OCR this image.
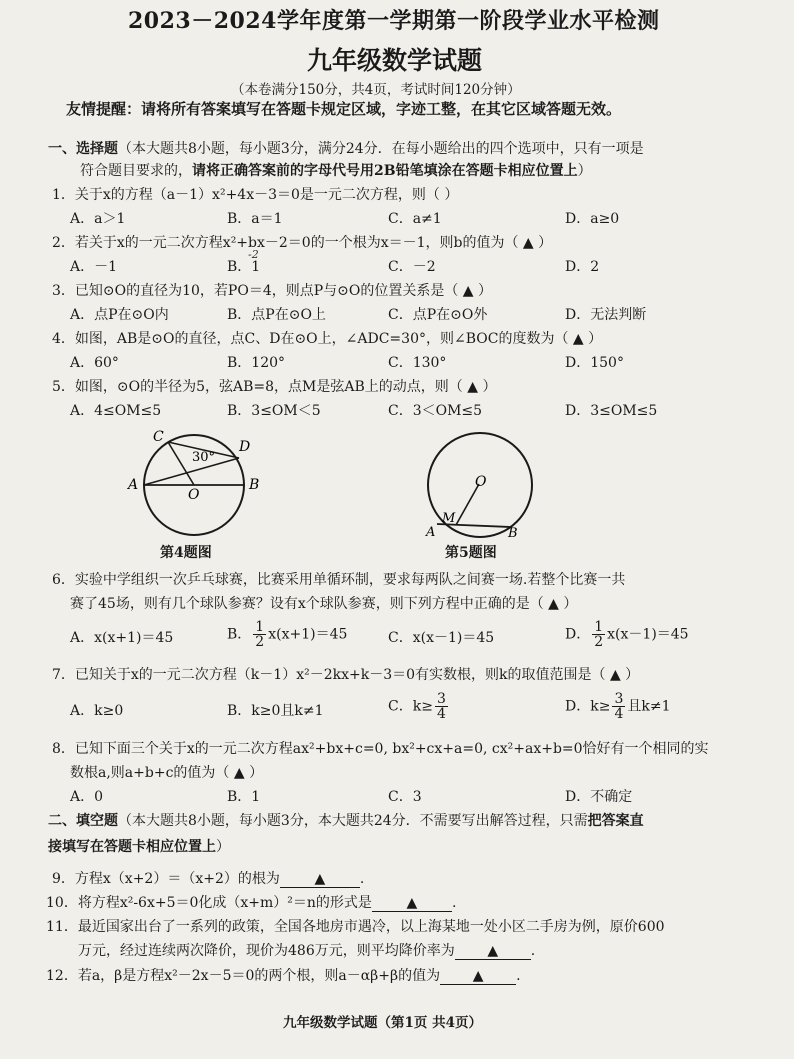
2023－2024学年度第一学期第一阶段学业水平检测
九年级数学试题
（本卷满分150分，共4页，考试时间120分钟）
友情提醒：请将所有答案填写在答题卡规定区域，字迹工整，在其它区域答题无效。
一、选择题（本大题共8小题，每小题3分，满分24分．在每小题给出的四个选项中，只有一项是
符合题目要求的，请将正确答案前的字母代号用2B铅笔填涂在答题卡相应位置上）
1．关于x的方程（a－1）x²+4x－3＝0是一元二次方程，则（ ）
A．a＞1	B．a＝1	C．a≠1	D．a≥0
2．若关于x的一元二次方程x²+bx－2＝0的一个根为x＝－1，则b的值为（ ▲ ）
-2
A．－1	B．1	C．－2	D．2
3．已知⊙O的直径为10，若PO＝4，则点P与⊙O的位置关系是（ ▲ ）
A．点P在⊙O内	B．点P在⊙O上	C．点P在⊙O外	D．无法判断
4．如图，AB是⊙O的直径，点C、D在⊙O上，∠ADC=30°，则∠BOC的度数为（ ▲ ）
A．60°	B．120°	C．130°	D．150°
5．如图，⊙O的半径为5，弦AB=8，点M是弦AB上的动点，则（ ▲ ）
A．4≤OM≤5	B．3≤OM＜5	C．3＜OM≤5	D．3≤OM≤5
C
D
A	B
O
30°
第4题图
O
M
A	B
第5题图
6．实验中学组织一次乒乓球赛，比赛采用单循环制，要求每两队之间赛一场.若整个比赛一共
赛了45场，则有几个球队参赛？设有x个球队参赛，则下列方程中正确的是（ ▲ ）
A．x(x+1)＝45	B． $\frac{1}{2} x(x+1)=45$	C．x(x－1)＝45	D． $\frac{1}{2} x(x-1)=45$
7．已知关于x的一元二次方程（k－1）x²－2kx+k－3＝0有实数根，则k的取值范围是（ ▲ ）
A．k≥0	B．k≥0且k≠1	C．$k\ge \frac{3}{4}$	D．$k\ge \frac{3}{4}$ 且k≠1
8．已知下面三个关于x的一元二次方程ax²+bx+c=0, bx²+cx+a=0, cx²+ax+b=0恰好有一个相同的实
数根a,则a+b+c的值为（ ▲ ）
A．0	B．1	C．3	D．不确定
二、填空题（本大题共8小题，每小题3分，本大题共24分．不需要写出解答过程，只需把答案直
接填写在答题卡相应位置上）
9．方程x（x+2）＝（x+2）的根为 ▲ .
10．将方程x²-6x+5＝0化成（x+m）²＝n的形式是 ▲ .
11．最近国家出台了一系列的政策，全国各地房市遇冷，以上海某地一处小区二手房为例，原价600
万元，经过连续两次降价，现价为486万元，则平均降价率为 ▲ .
12．若a，β是方程x²－2x－5＝0的两个根，则a－αβ+β的值为 ▲ .
九年级数学试题（第1页 共4页）
